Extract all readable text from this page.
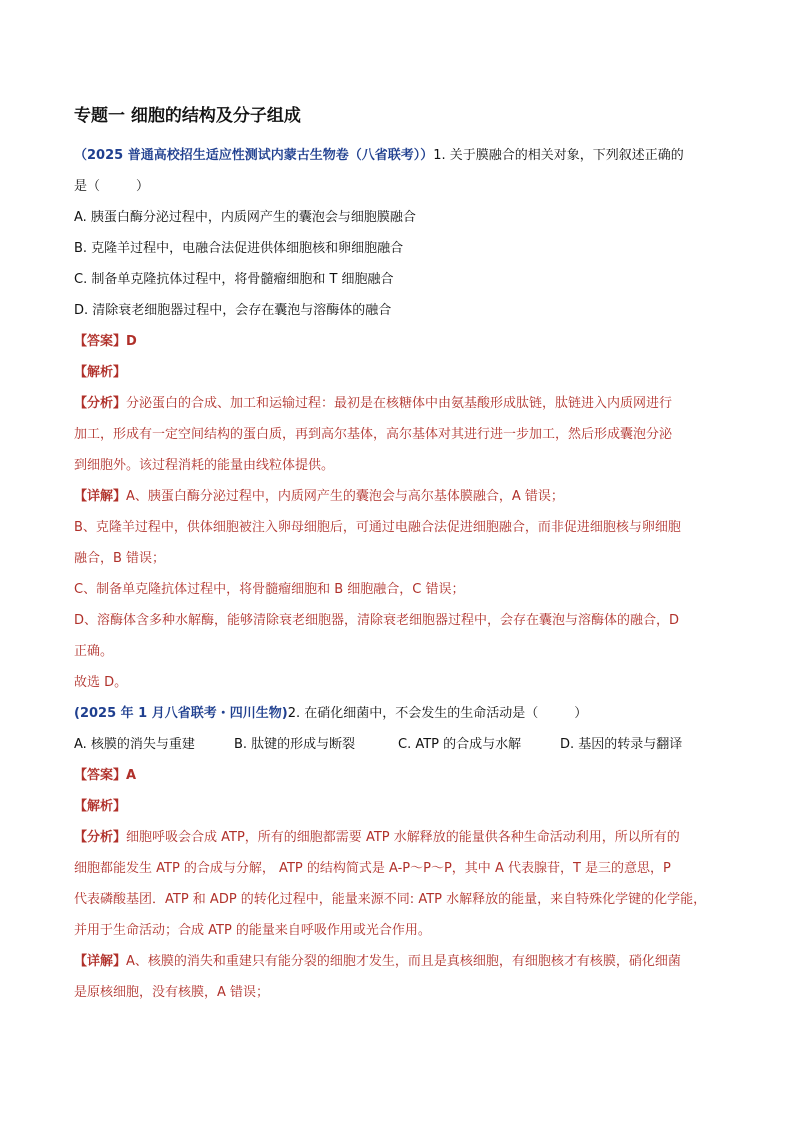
专题一 细胞的结构及分子组成

（2025 普通高校招生适应性测试内蒙古生物卷（八省联考））1. 关于膜融合的相关对象，下列叙述正确的

是（	）

A. 胰蛋白酶分泌过程中，内质网产生的囊泡会与细胞膜融合

B. 克隆羊过程中，电融合法促进供体细胞核和卵细胞融合

C. 制备单克隆抗体过程中，将骨髓瘤细胞和 T 细胞融合

D. 清除衰老细胞器过程中，会存在囊泡与溶酶体的融合

【答案】D

【解析】

【分析】分泌蛋白的合成、加工和运输过程：最初是在核糖体中由氨基酸形成肽链，肽链进入内质网进行

加工，形成有一定空间结构的蛋白质，再到高尔基体，高尔基体对其进行进一步加工，然后形成囊泡分泌

到细胞外。该过程消耗的能量由线粒体提供。

【详解】A、胰蛋白酶分泌过程中，内质网产生的囊泡会与高尔基体膜融合，A 错误；

B、克隆羊过程中，供体细胞被注入卵母细胞后，可通过电融合法促进细胞融合，而非促进细胞核与卵细胞

融合，B 错误；

C、制备单克隆抗体过程中，将骨髓瘤细胞和 B 细胞融合，C 错误；

D、溶酶体含多种水解酶，能够清除衰老细胞器，清除衰老细胞器过程中，会存在囊泡与溶酶体的融合，D

正确。

故选 D。

(2025 年 1 月八省联考・四川生物)2. 在硝化细菌中，不会发生的生命活动是（	）

A. 核膜的消失与重建	B. 肽键的形成与断裂	C. ATP 的合成与水解	D. 基因的转录与翻译

【答案】A

【解析】

【分析】细胞呼吸会合成 ATP，所有的细胞都需要 ATP 水解释放的能量供各种生命活动利用，所以所有的

细胞都能发生 ATP 的合成与分解， ATP 的结构简式是 A-P～P～P，其中 A 代表腺苷，T 是三的意思，P

代表磷酸基团．ATP 和 ADP 的转化过程中，能量来源不同: ATP 水解释放的能量，来自特殊化学键的化学能，

并用于生命活动；合成 ATP 的能量来自呼吸作用或光合作用。

【详解】A、核膜的消失和重建只有能分裂的细胞才发生，而且是真核细胞，有细胞核才有核膜，硝化细菌

是原核细胞，没有核膜，A 错误；
